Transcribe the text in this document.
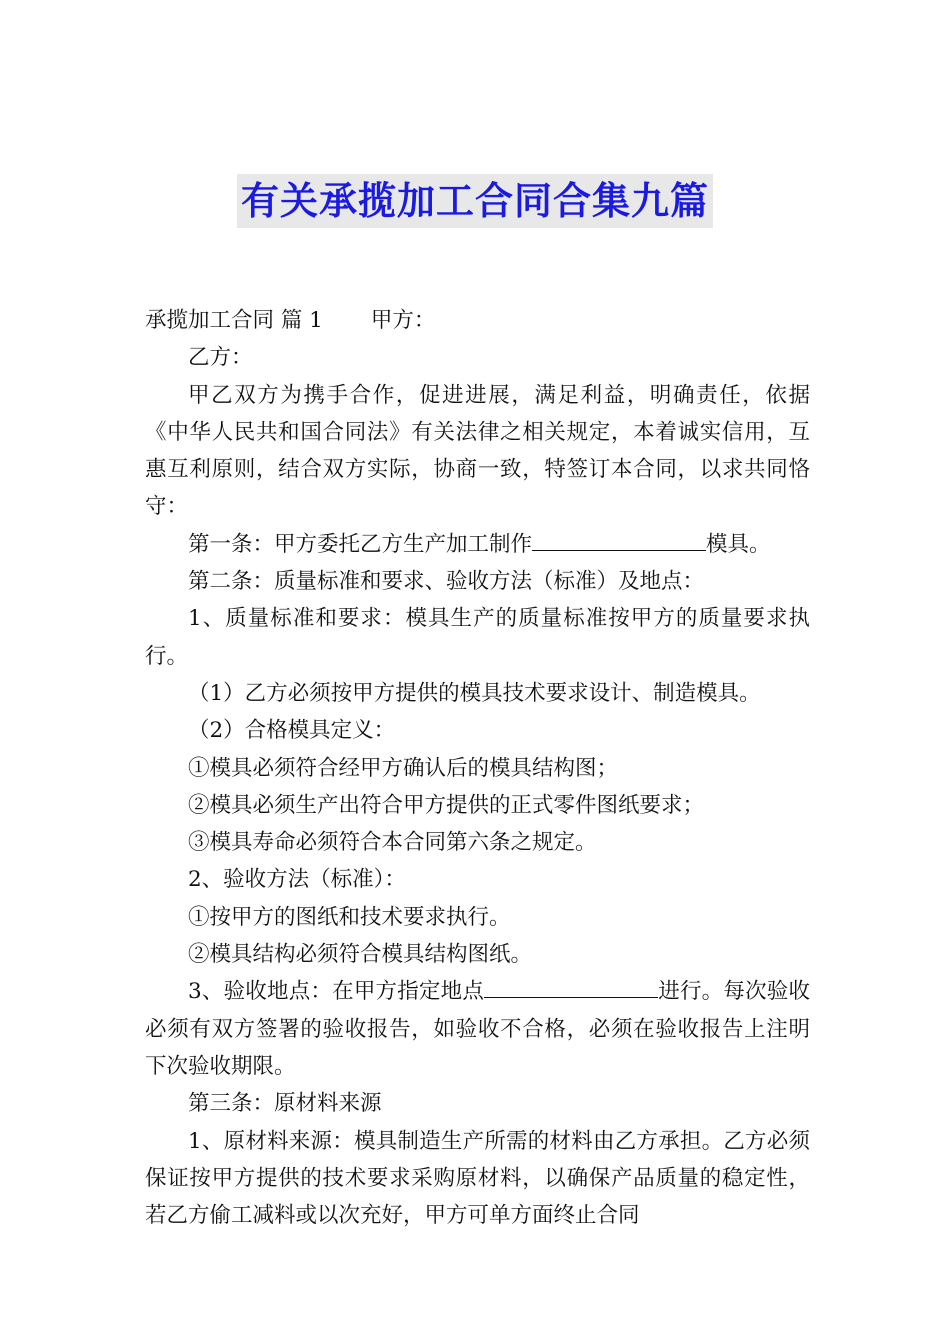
有关承揽加工合同合集九篇

承揽加工合同 篇 1 甲方：

乙方：

甲乙双方为携手合作，促进进展，满足利益，明确责任，依据《中华人民共和国合同法》有关法律之相关规定，本着诚实信用，互惠互利原则，结合双方实际，协商一致，特签订本合同，以求共同恪守：

第一条：甲方委托乙方生产加工制作	模具。

第二条：质量标准和要求、验收方法（标准）及地点：

1、质量标准和要求：模具生产的质量标准按甲方的质量要求执行。

（1）乙方必须按甲方提供的模具技术要求设计、制造模具。

（2）合格模具定义：

①模具必须符合经甲方确认后的模具结构图；

②模具必须生产出符合甲方提供的正式零件图纸要求；

③模具寿命必须符合本合同第六条之规定。

2、验收方法（标准）：

①按甲方的图纸和技术要求执行。

②模具结构必须符合模具结构图纸。

3、验收地点：在甲方指定地点	进行。每次验收必须有双方签署的验收报告，如验收不合格，必须在验收报告上注明下次验收期限。

第三条：原材料来源

1、原材料来源：模具制造生产所需的材料由乙方承担。乙方必须保证按甲方提供的技术要求采购原材料，以确保产品质量的稳定性，若乙方偷工减料或以次充好，甲方可单方面终止合同
